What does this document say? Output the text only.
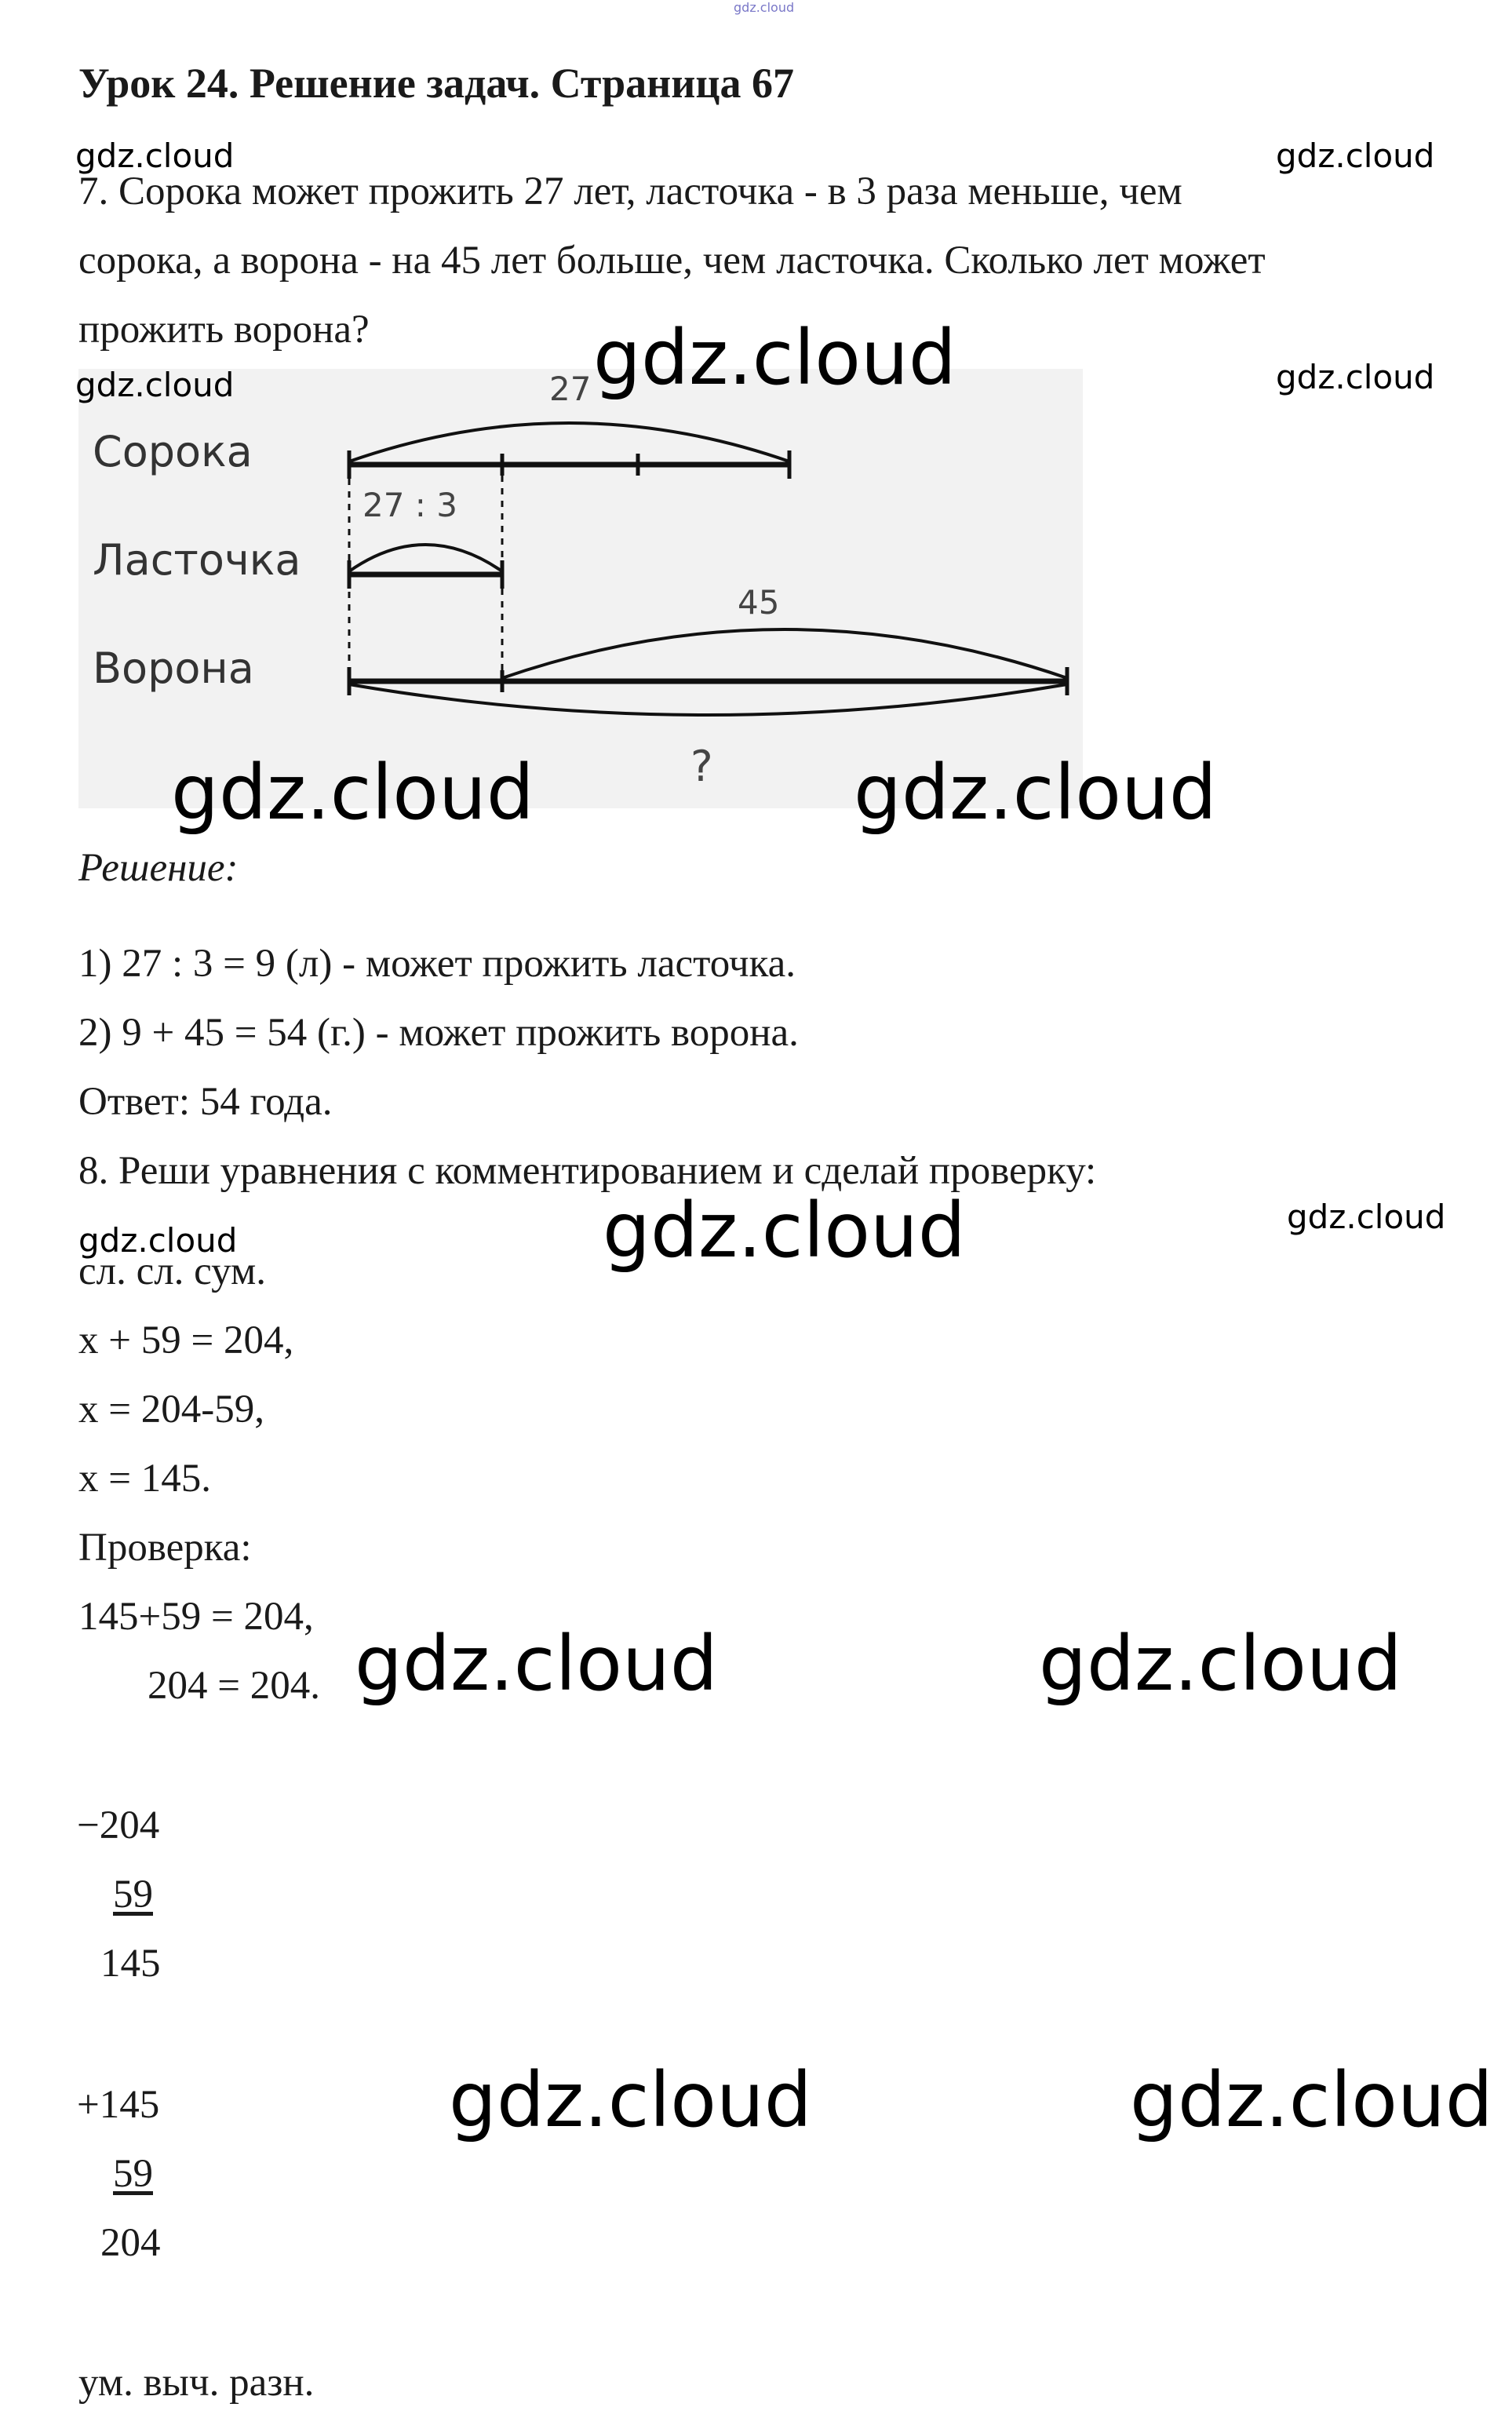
gdz.cloud
Урок 24. Решение задач. Страница 67
7. Сорока может прожить 27 лет, ласточка - в 3 раза меньше, чем
сорока, а ворона - на 45 лет больше, чем ласточка. Сколько лет может
прожить ворона?
Сорока
Ласточка
Ворона
27
27 : 3
45
?
Решение:
1) 27 : 3 = 9 (л) - может прожить ласточка.
2) 9 + 45 = 54 (г.) - может прожить ворона.
Ответ: 54 года.
8. Реши уравнения с комментированием и сделай проверку:
сл. сл. сум.
x + 59 = 204,
x = 204-59,
x = 145.
Проверка:
145+59 = 204,
204 = 204.
−204
59
145
+145
59
204
ум. выч. разн.
gdz.cloud	gdz.cloud
gdz.cloud	gdz.cloud
gdz.cloud
gdz.cloud	gdz.cloud
gdz.cloud	gdz.cloud	gdz.cloud
gdz.cloud	gdz.cloud
gdz.cloud	gdz.cloud
